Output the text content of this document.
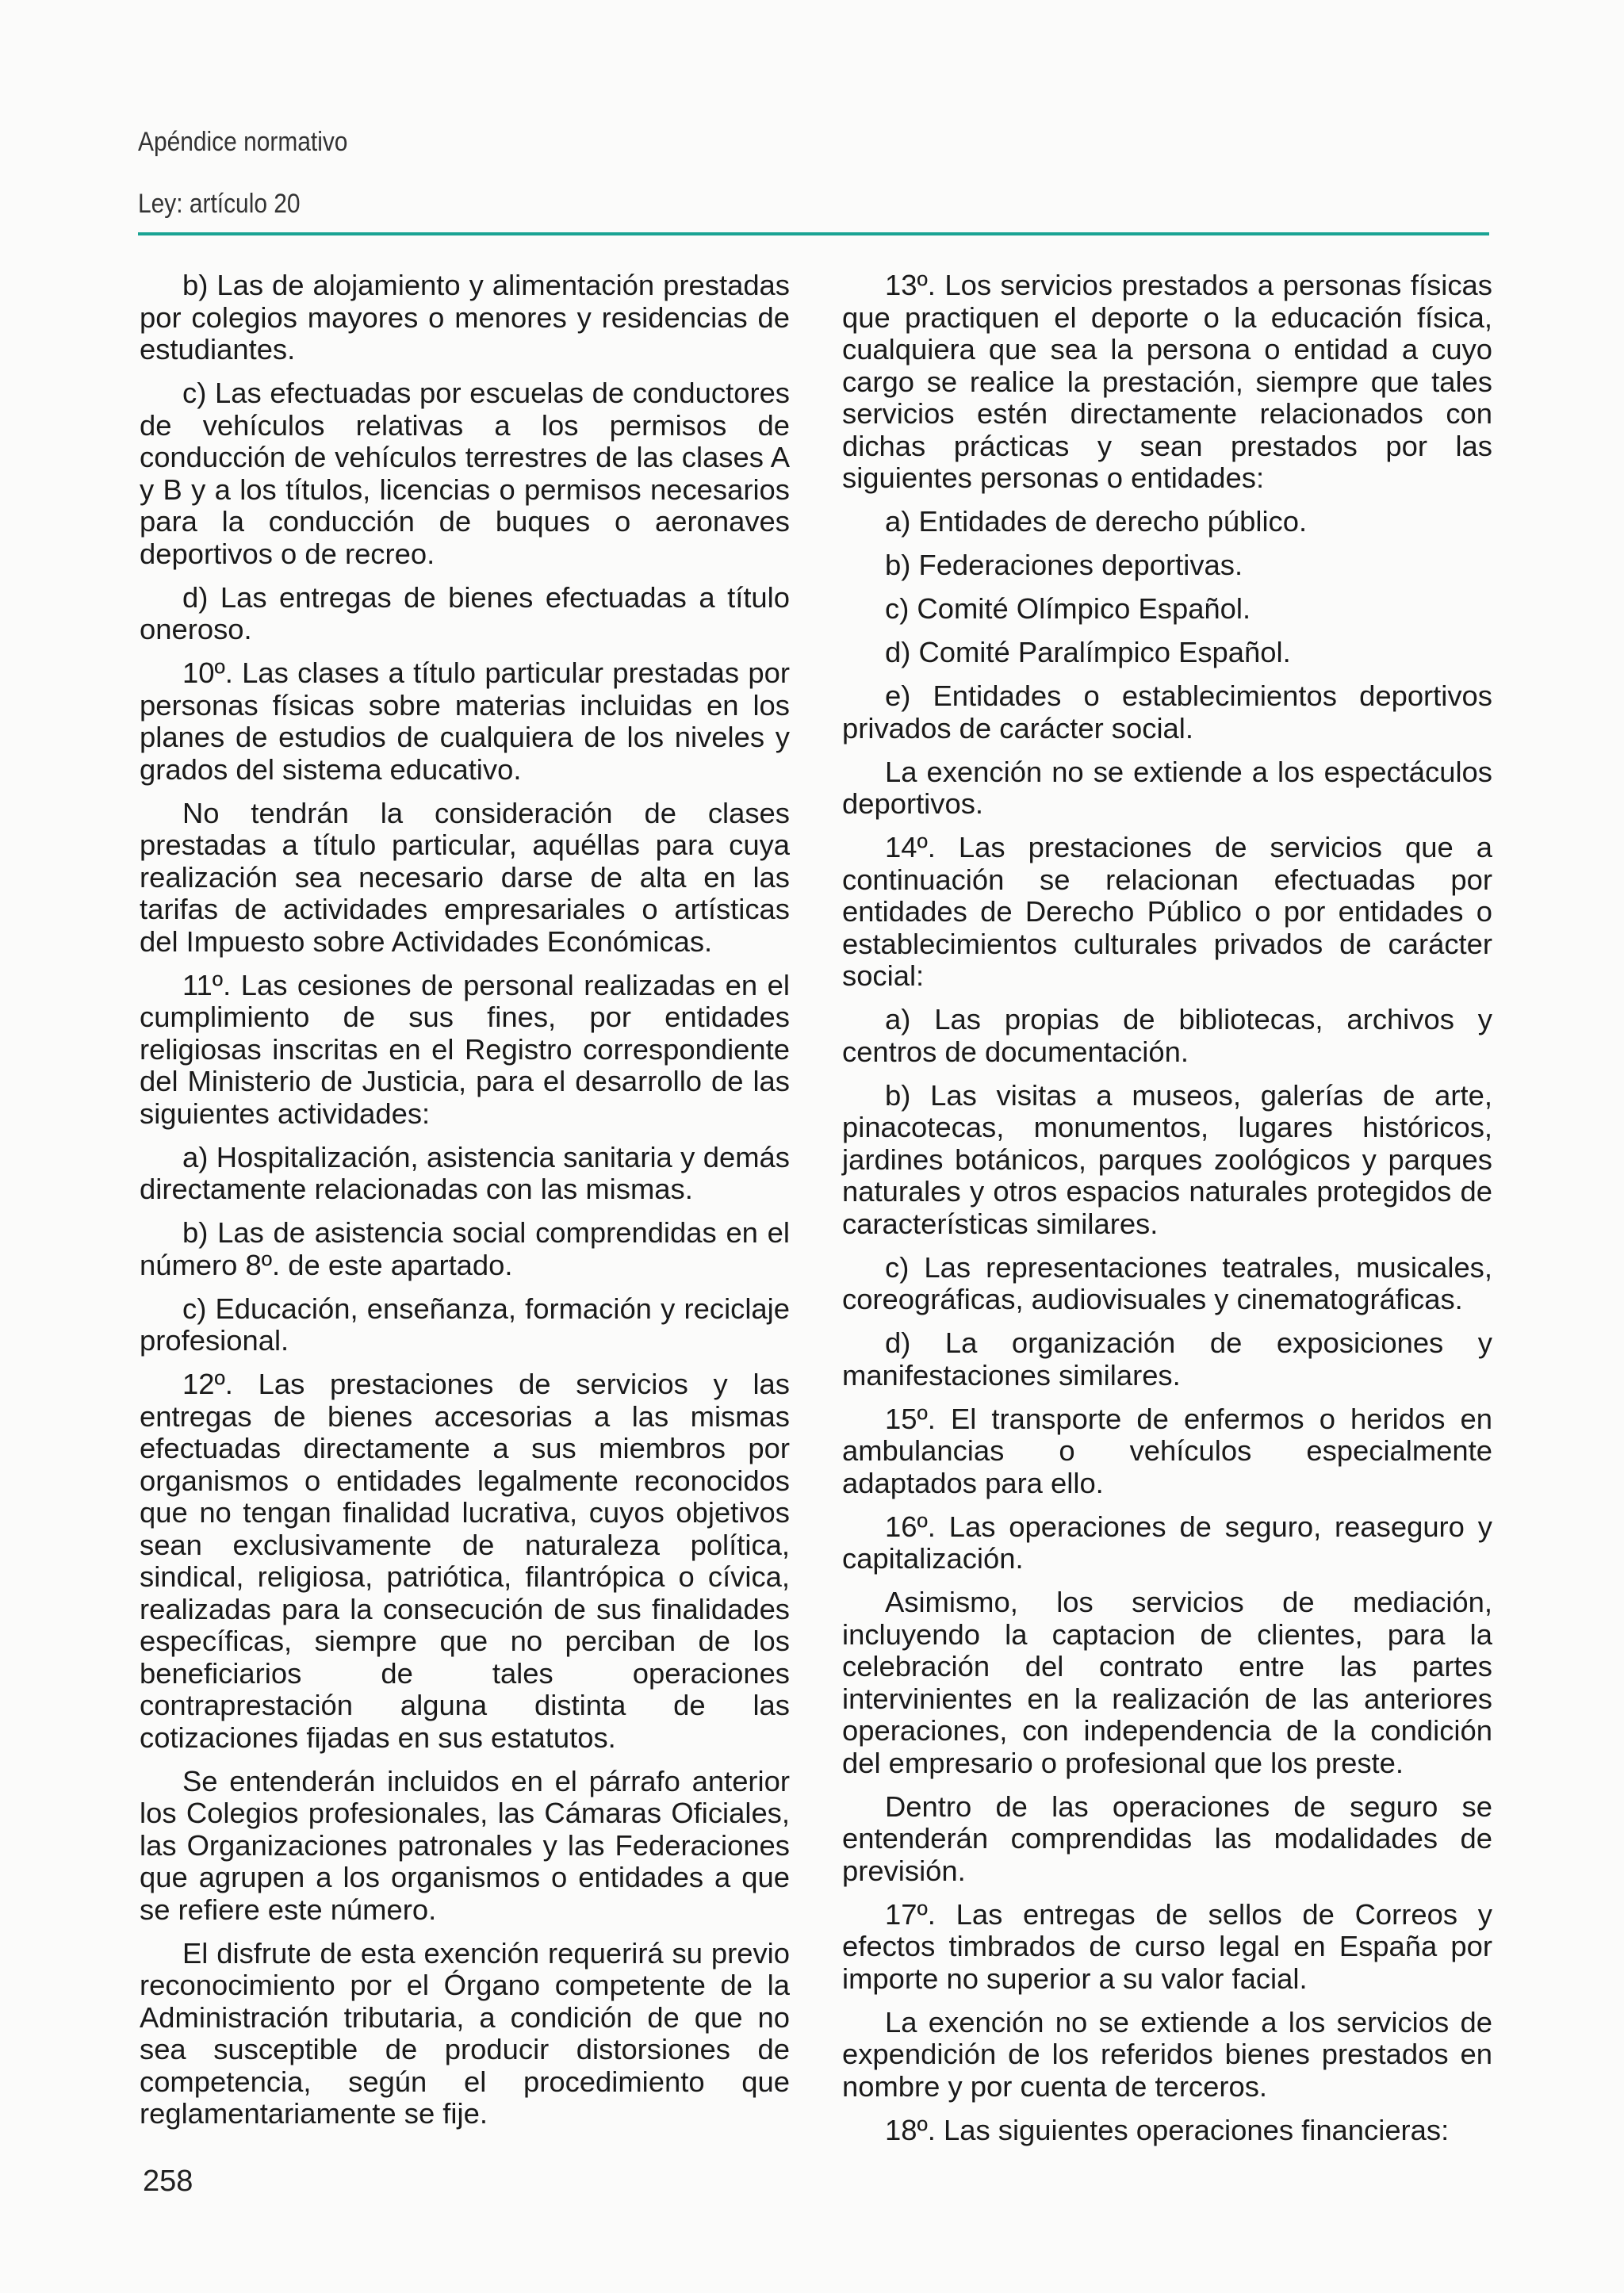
Apéndice normativo
Ley: artículo 20

b) Las de alojamiento y alimentación prestadas por colegios mayores o menores y residencias de estudiantes.

c) Las efectuadas por escuelas de conductores de vehículos relativas a los permisos de conducción de vehículos terrestres de las clases A y B y a los títulos, licencias o permisos necesarios para la conducción de buques o aeronaves deportivos o de recreo.

d) Las entregas de bienes efectuadas a título oneroso.

10º. Las clases a título particular prestadas por personas físicas sobre materias incluidas en los planes de estudios de cualquiera de los niveles y grados del sistema educativo.

No tendrán la consideración de clases prestadas a título particular, aquéllas para cuya realización sea necesario darse de alta en las tarifas de actividades empresariales o artísticas del Impuesto sobre Actividades Económicas.

11º. Las cesiones de personal realizadas en el cumplimiento de sus fines, por entidades religiosas inscritas en el Registro correspondiente del Ministerio de Justicia, para el desarrollo de las siguientes actividades:

a) Hospitalización, asistencia sanitaria y demás directamente relacionadas con las mismas.

b) Las de asistencia social comprendidas en el número 8º. de este apartado.

c) Educación, enseñanza, formación y reciclaje profesional.

12º. Las prestaciones de servicios y las entregas de bienes accesorias a las mismas efectuadas directamente a sus miembros por organismos o entidades legalmente reconocidos que no tengan finalidad lucrativa, cuyos objetivos sean exclusivamente de naturaleza política, sindical, religiosa, patriótica, filantrópica o cívica, realizadas para la consecución de sus finalidades específicas, siempre que no perciban de los beneficiarios de tales operaciones contraprestación alguna distinta de las cotizaciones fijadas en sus estatutos.

Se entenderán incluidos en el párrafo anterior los Colegios profesionales, las Cámaras Oficiales, las Organizaciones patronales y las Federaciones que agrupen a los organismos o entidades a que se refiere este número.

El disfrute de esta exención requerirá su previo reconocimiento por el Órgano competente de la Administración tributaria, a condición de que no sea susceptible de producir distorsiones de competencia, según el procedimiento que reglamentariamente se fije.

13º. Los servicios prestados a personas físicas que practiquen el deporte o la educación física, cualquiera que sea la persona o entidad a cuyo cargo se realice la prestación, siempre que tales servicios estén directamente relacionados con dichas prácticas y sean prestados por las siguientes personas o entidades:

a) Entidades de derecho público.

b) Federaciones deportivas.

c) Comité Olímpico Español.

d) Comité Paralímpico Español.

e) Entidades o establecimientos deportivos privados de carácter social.

La exención no se extiende a los espectáculos deportivos.

14º. Las prestaciones de servicios que a continuación se relacionan efectuadas por entidades de Derecho Público o por entidades o establecimientos culturales privados de carácter social:

a) Las propias de bibliotecas, archivos y centros de documentación.

b) Las visitas a museos, galerías de arte, pinacotecas, monumentos, lugares históricos, jardines botánicos, parques zoológicos y parques naturales y otros espacios naturales protegidos de características similares.

c) Las representaciones teatrales, musicales, coreográficas, audiovisuales y cinematográficas.

d) La organización de exposiciones y manifestaciones similares.

15º. El transporte de enfermos o heridos en ambulancias o vehículos especialmente adaptados para ello.

16º. Las operaciones de seguro, reaseguro y capitalización.

Asimismo, los servicios de mediación, incluyendo la captacion de clientes, para la celebración del contrato entre las partes intervinientes en la realización de las anteriores operaciones, con independencia de la condición del empresario o profesional que los preste.

Dentro de las operaciones de seguro se entenderán comprendidas las modalidades de previsión.

17º. Las entregas de sellos de Correos y efectos timbrados de curso legal en España por importe no superior a su valor facial.

La exención no se extiende a los servicios de expendición de los referidos bienes prestados en nombre y por cuenta de terceros.

18º. Las siguientes operaciones financieras:

258
